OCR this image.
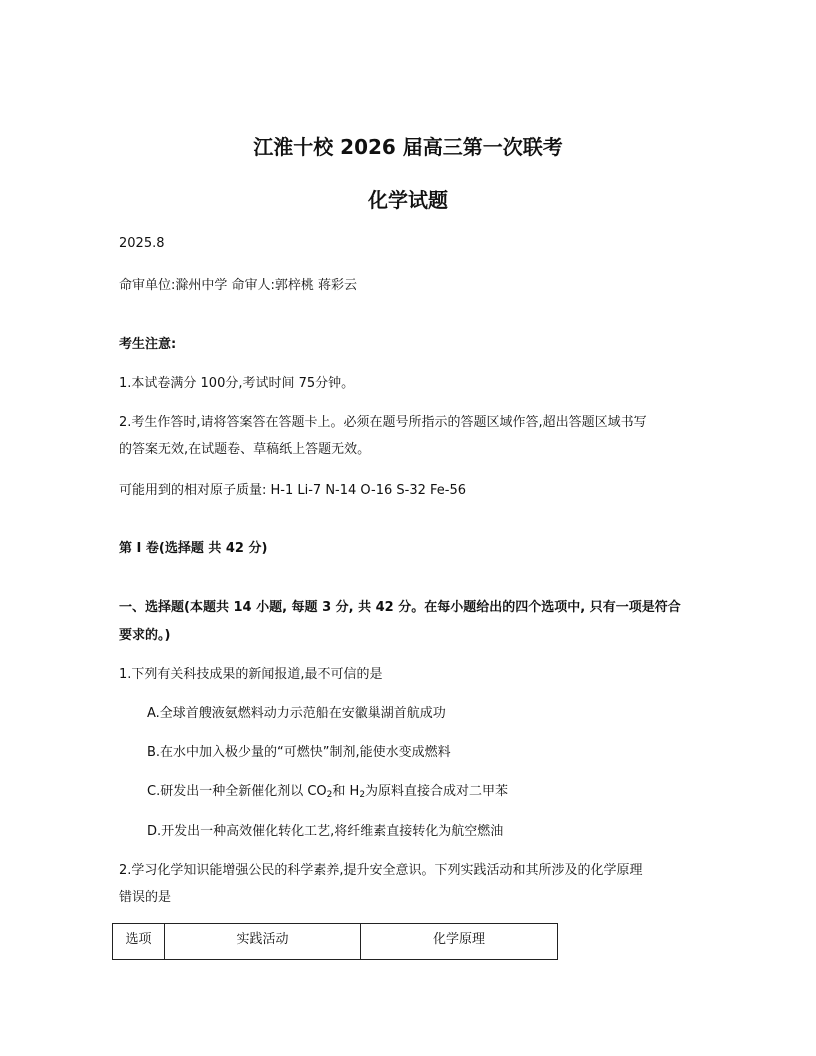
江淮十校 2026 届高三第一次联考
化学试题
2025.8
命审单位:滁州中学 命审人:郭梓桃 蒋彩云
考生注意:
1.本试卷满分 100分,考试时间 75分钟。
2.考生作答时,请将答案答在答题卡上。必须在题号所指示的答题区域作答,超出答题区域书写
的答案无效,在试题卷、草稿纸上答题无效。
可能用到的相对原子质量: H-1 Li-7 N-14 O-16 S-32 Fe-56
第 I 卷(选择题 共 42 分)
一、选择题(本题共 14 小题, 每题 3 分, 共 42 分。在每小题给出的四个选项中, 只有一项是符合
要求的。)
1.下列有关科技成果的新闻报道,最不可信的是
A.全球首艘液氨燃料动力示范船在安徽巢湖首航成功
B.在水中加入极少量的“可燃快”制剂,能使水变成燃料
C.研发出一种全新催化剂以 $CO_2$和 $H_2$为原料直接合成对二甲苯
D.开发出一种高效催化转化工艺,将纤维素直接转化为航空燃油
2.学习化学知识能增强公民的科学素养,提升安全意识。下列实践活动和其所涉及的化学原理
错误的是
选项	实践活动	化学原理
